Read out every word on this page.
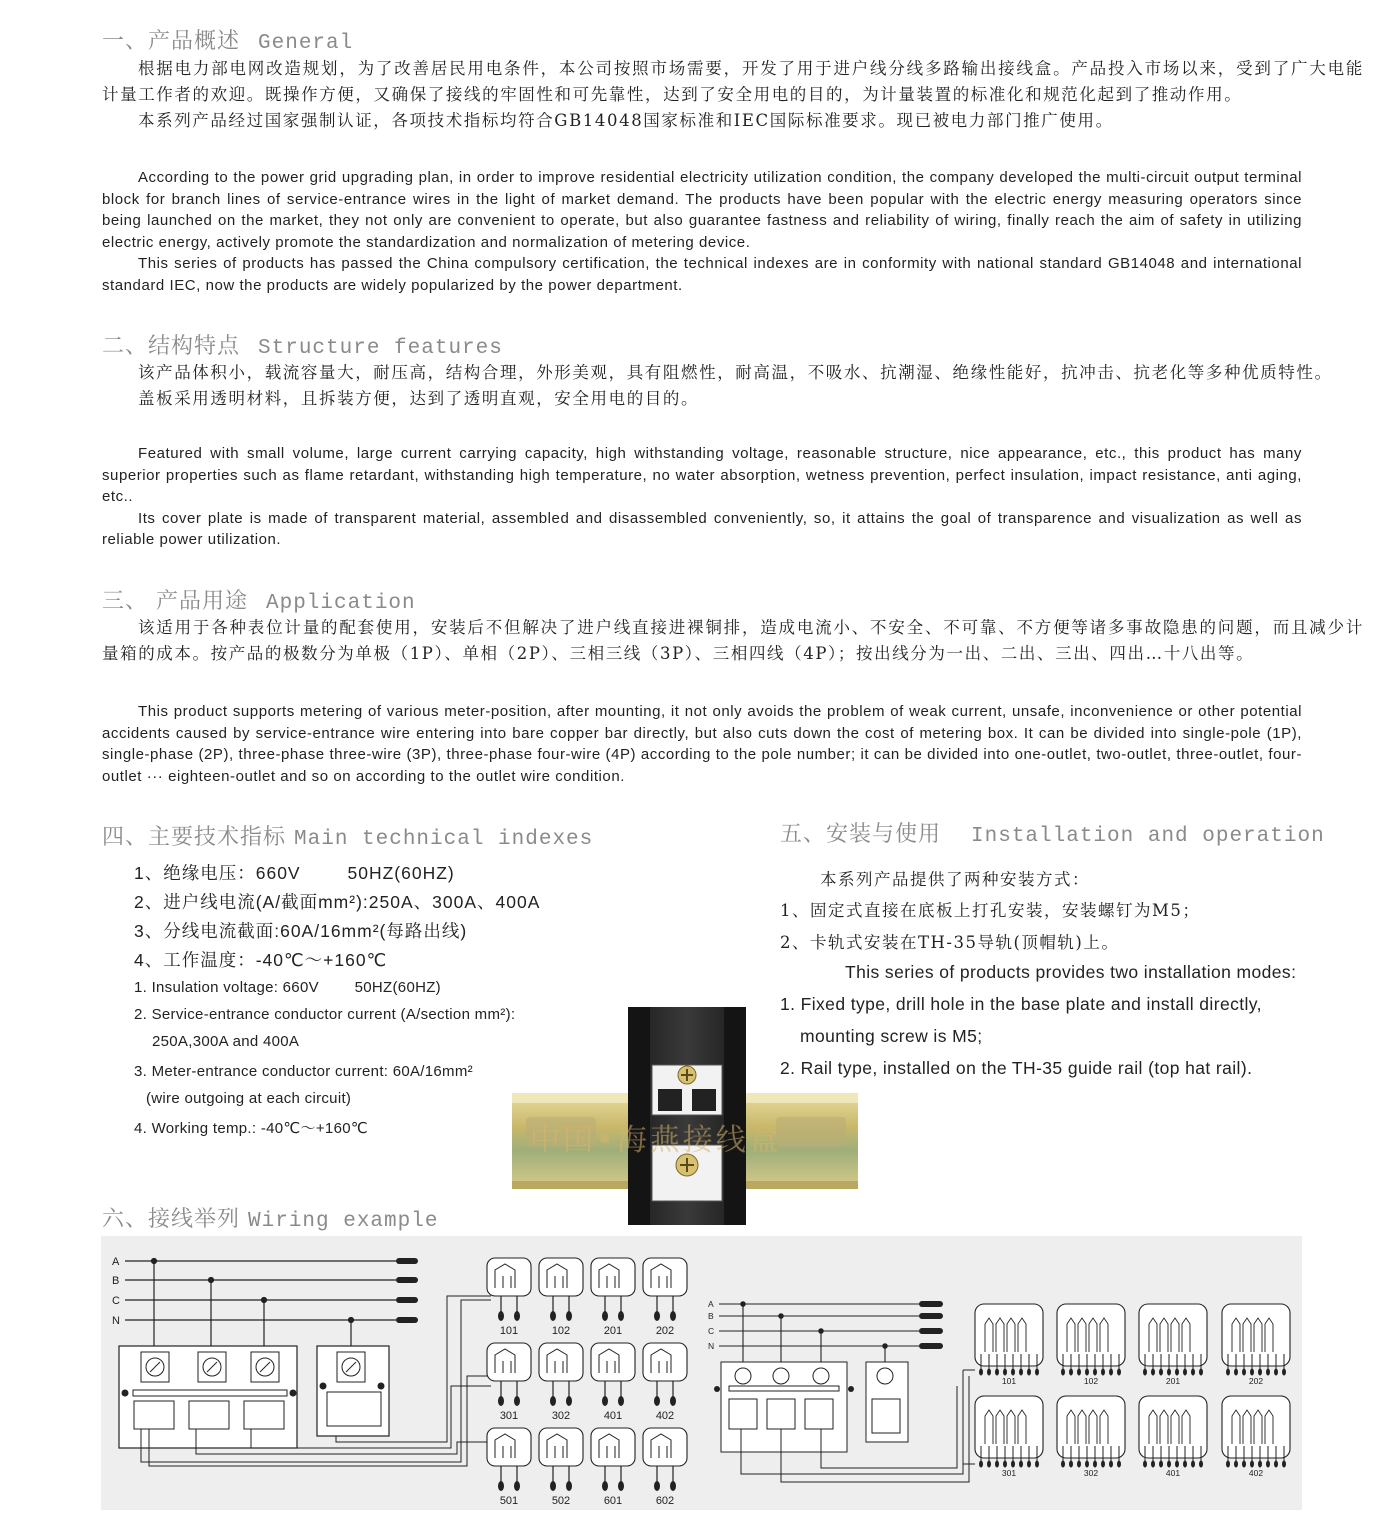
一、产品概述 General

根据电力部电网改造规划，为了改善居民用电条件，本公司按照市场需要，开发了用于进户线分线多路输出接线盒。产品投入市场以来，受到了广大电能计量工作者的欢迎。既操作方便，又确保了接线的牢固性和可先靠性，达到了安全用电的目的，为计量装置的标准化和规范化起到了推动作用。

本系列产品经过国家强制认证，各项技术指标均符合GB14048国家标准和IEC国际标准要求。现已被电力部门推广使用。

According to the power grid upgrading plan, in order to improve residential electricity utilization condition, the company developed the multi-circuit output terminal block for branch lines of service-entrance wires in the light of market demand. The products have been popular with the electric energy measuring operators since being launched on the market, they not only are convenient to operate, but also guarantee fastness and reliability of wiring, finally reach the aim of safety in utilizing electric energy, actively promote the standardization and normalization of metering device.

This series of products has passed the China compulsory certification, the technical indexes are in conformity with national standard GB14048 and international standard IEC, now the products are widely popularized by the power department.

二、结构特点 Structure features

该产品体积小，载流容量大，耐压高，结构合理，外形美观，具有阻燃性，耐高温，不吸水、抗潮湿、绝缘性能好，抗冲击、抗老化等多种优质特性。

盖板采用透明材料，且拆装方便，达到了透明直观，安全用电的目的。

Featured with small volume, large current carrying capacity, high withstanding voltage, reasonable structure, nice appearance, etc., this product has many superior properties such as flame retardant, withstanding high temperature, no water absorption, wetness prevention, perfect insulation, impact resistance, anti aging, etc..

Its cover plate is made of transparent material, assembled and disassembled conveniently, so, it attains the goal of transparence and visualization as well as reliable power utilization.

三、 产品用途 Application

该适用于各种表位计量的配套使用，安装后不但解决了进户线直接进裸铜排，造成电流小、不安全、不可靠、不方便等诸多事故隐患的问题，而且减少计量箱的成本。按产品的极数分为单极（1P）、单相（2P）、三相三线（3P）、三相四线（4P）；按出线分为一出、二出、三出、四出…十八出等。

This product supports metering of various meter-position, after mounting, it not only avoids the problem of weak current, unsafe, inconvenience or other potential accidents caused by service-entrance wire entering into bare copper bar directly, but also cuts down the cost of metering box. It can be divided into single-pole (1P), single-phase (2P), three-phase three-wire (3P), three-phase four-wire (4P) according to the pole number; it can be divided into one-outlet, two-outlet, three-outlet, four-outlet ··· eighteen-outlet and so on according to the outlet wire condition.

四、主要技术指标 Main technical indexes
1、绝缘电压：660V        50HZ(60HZ)
2、进户线电流(A/截面mm²):250A、300A、400A
3、分线电流截面:60A/16mm²(每路出线)
4、工作温度：-40℃～+160℃
1. Insulation voltage: 660V        50HZ(60HZ)
2. Service-entrance conductor current (A/section mm²):
250A,300A and 400A
3. Meter-entrance conductor current: 60A/16mm²
(wire outgoing at each circuit)
4. Working temp.: -40℃～+160℃	中国•海燕接线盒
五、安装与使用 Installation and operation
本系列产品提供了两种安装方式：
1、固定式直接在底板上打孔安装，安装螺钉为M5；
2、卡轨式安装在TH-35导轨(顶帽轨)上。
This series of products provides two installation modes:
1. Fixed type, drill hole in the base plate and install directly,
mounting screw is M5;
2. Rail type, installed on the TH-35 guide rail (top hat rail).
六、接线举列 Wiring example
A
B
C
N
A
B
C
N
101	102	201	202
301	302	401	402
501	502	601	602
101	102	201	202
301	302	401	402
